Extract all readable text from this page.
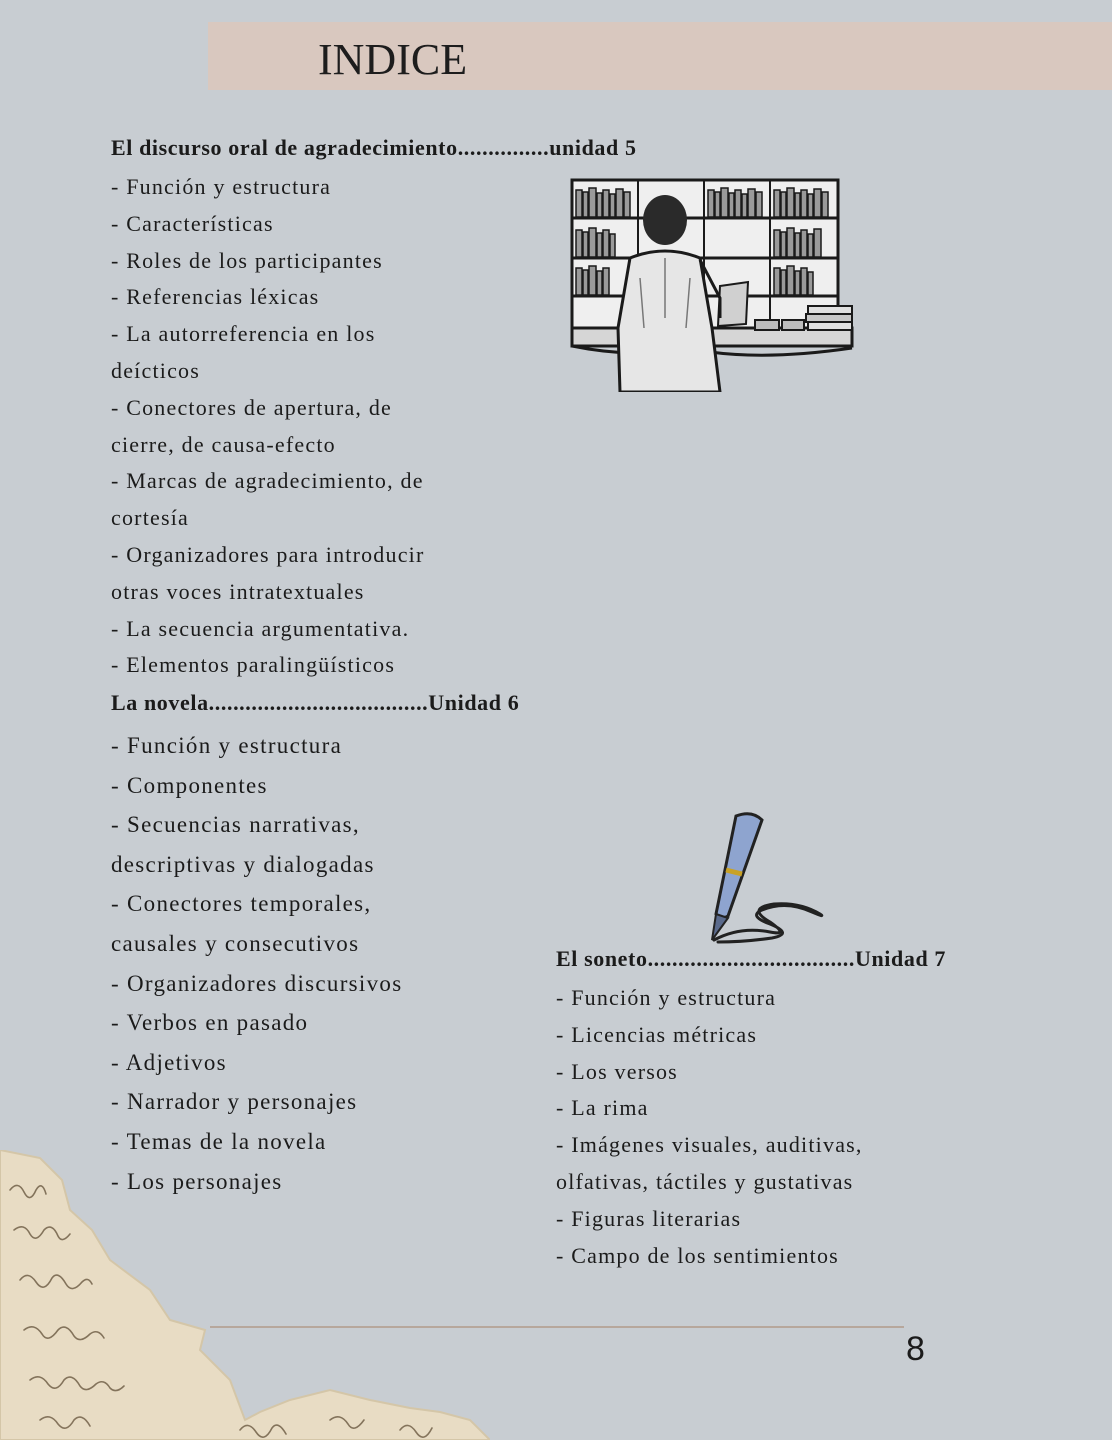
INDICE
El discurso oral de agradecimiento...............unidad 5
- Función y estructura
- Características
- Roles de los participantes
- Referencias léxicas
- La autorreferencia en los
deícticos
- Conectores de apertura, de
cierre, de causa-efecto
- Marcas de agradecimiento, de
cortesía
- Organizadores para introducir
otras voces intratextuales
- La secuencia argumentativa.
- Elementos paralingüísticos
La novela....................................Unidad 6
- Función y estructura
- Componentes
- Secuencias narrativas,
descriptivas y dialogadas
- Conectores temporales,
causales y consecutivos
- Organizadores discursivos
- Verbos en pasado
- Adjetivos
- Narrador y personajes
- Temas de la novela
- Los personajes
El soneto..................................Unidad 7
- Función y estructura
- Licencias métricas
- Los versos
- La rima
- Imágenes visuales, auditivas,
olfativas, táctiles y gustativas
- Figuras literarias
- Campo de los sentimientos
8
